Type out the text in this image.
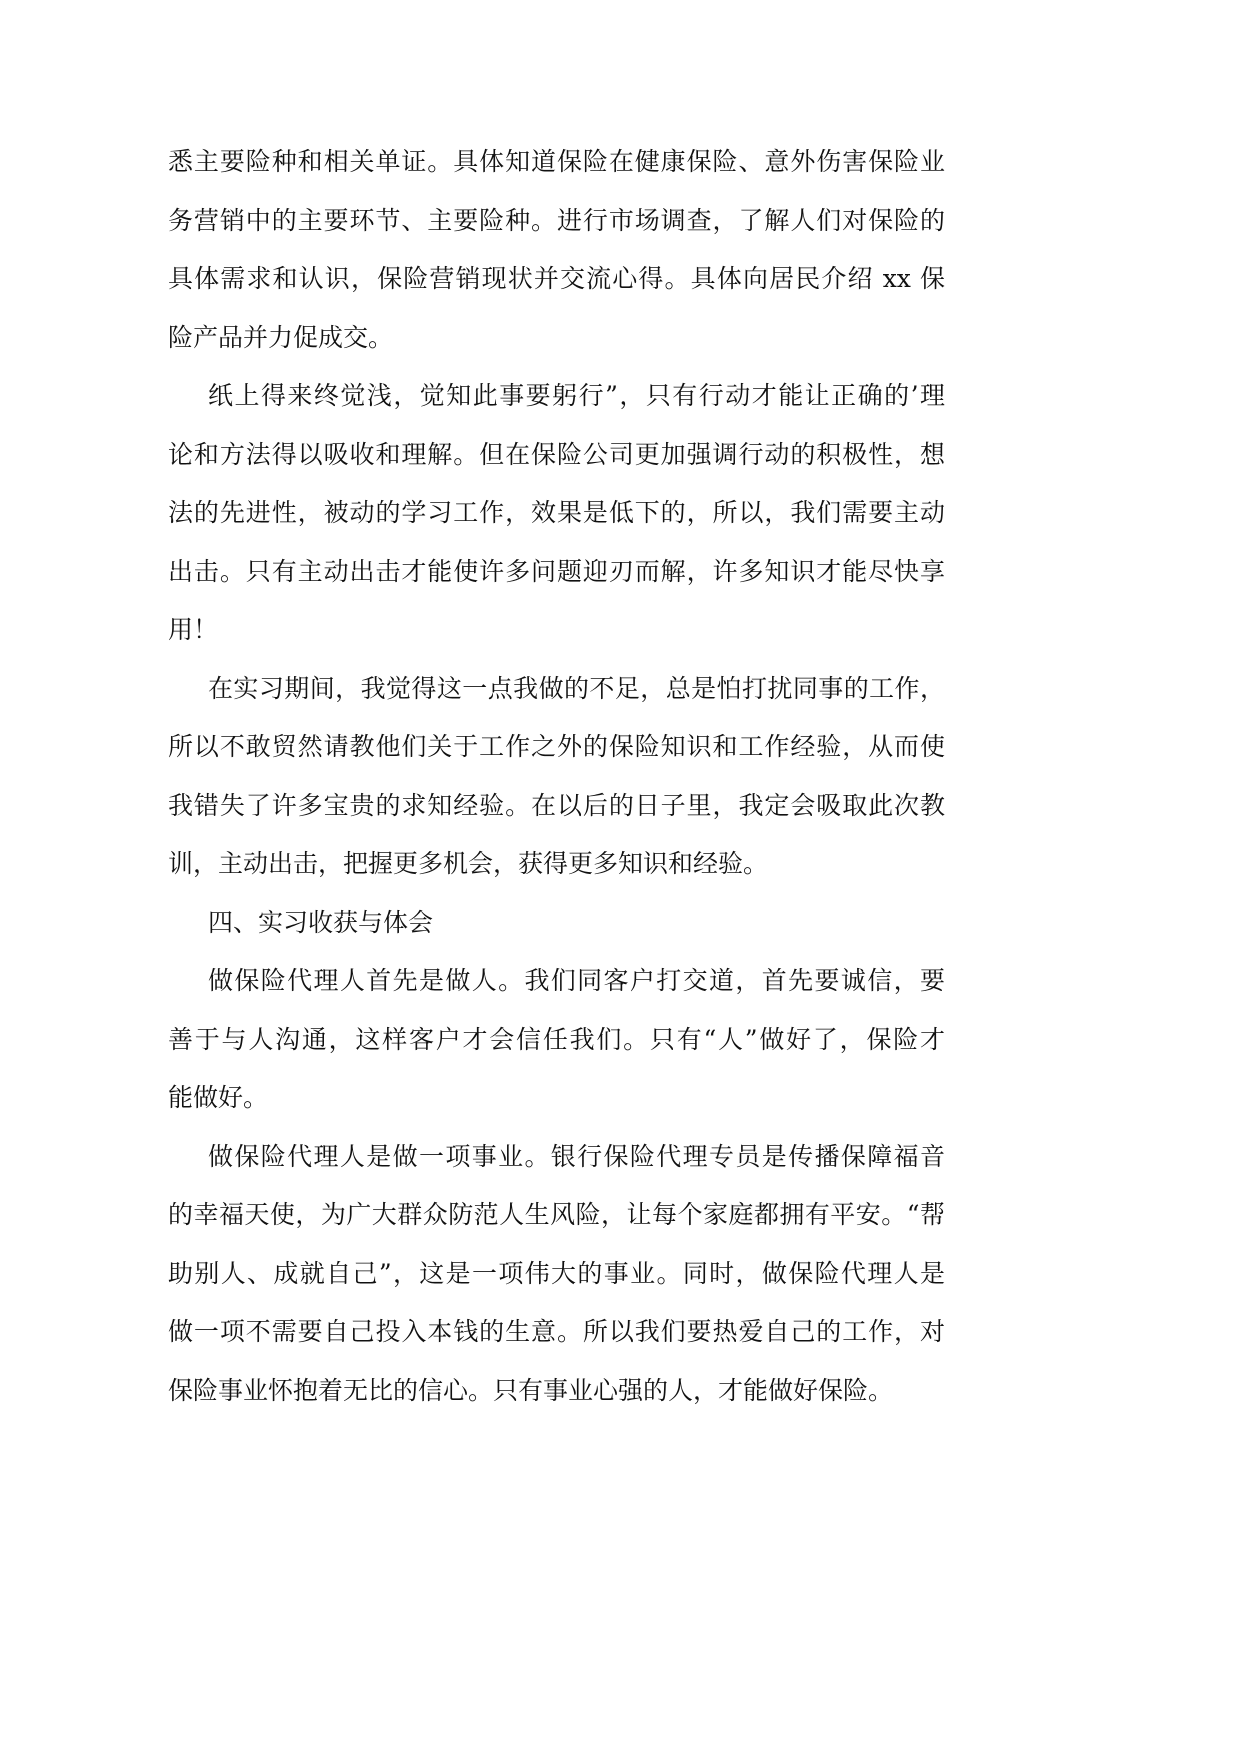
悉主要险种和相关单证。具体知道保险在健康保险、意外伤害保险业
务营销中的主要环节、主要险种。进行市场调查，了解人们对保险的
具体需求和认识，保险营销现状并交流心得。具体向居民介绍 xx 保
险产品并力促成交。
纸上得来终觉浅，觉知此事要躬行”，只有行动才能让正确的’理
论和方法得以吸收和理解。但在保险公司更加强调行动的积极性，想
法的先进性，被动的学习工作，效果是低下的，所以，我们需要主动
出击。只有主动出击才能使许多问题迎刃而解，许多知识才能尽快享
用！
在实习期间，我觉得这一点我做的不足，总是怕打扰同事的工作，
所以不敢贸然请教他们关于工作之外的保险知识和工作经验，从而使
我错失了许多宝贵的求知经验。在以后的日子里，我定会吸取此次教
训，主动出击，把握更多机会，获得更多知识和经验。
四、实习收获与体会
做保险代理人首先是做人。我们同客户打交道，首先要诚信，要
善于与人沟通，这样客户才会信任我们。只有“人”做好了，保险才
能做好。
做保险代理人是做一项事业。银行保险代理专员是传播保障福音
的幸福天使，为广大群众防范人生风险，让每个家庭都拥有平安。“帮
助别人、成就自己”，这是一项伟大的事业。同时，做保险代理人是
做一项不需要自己投入本钱的生意。所以我们要热爱自己的工作，对
保险事业怀抱着无比的信心。只有事业心强的人，才能做好保险。
